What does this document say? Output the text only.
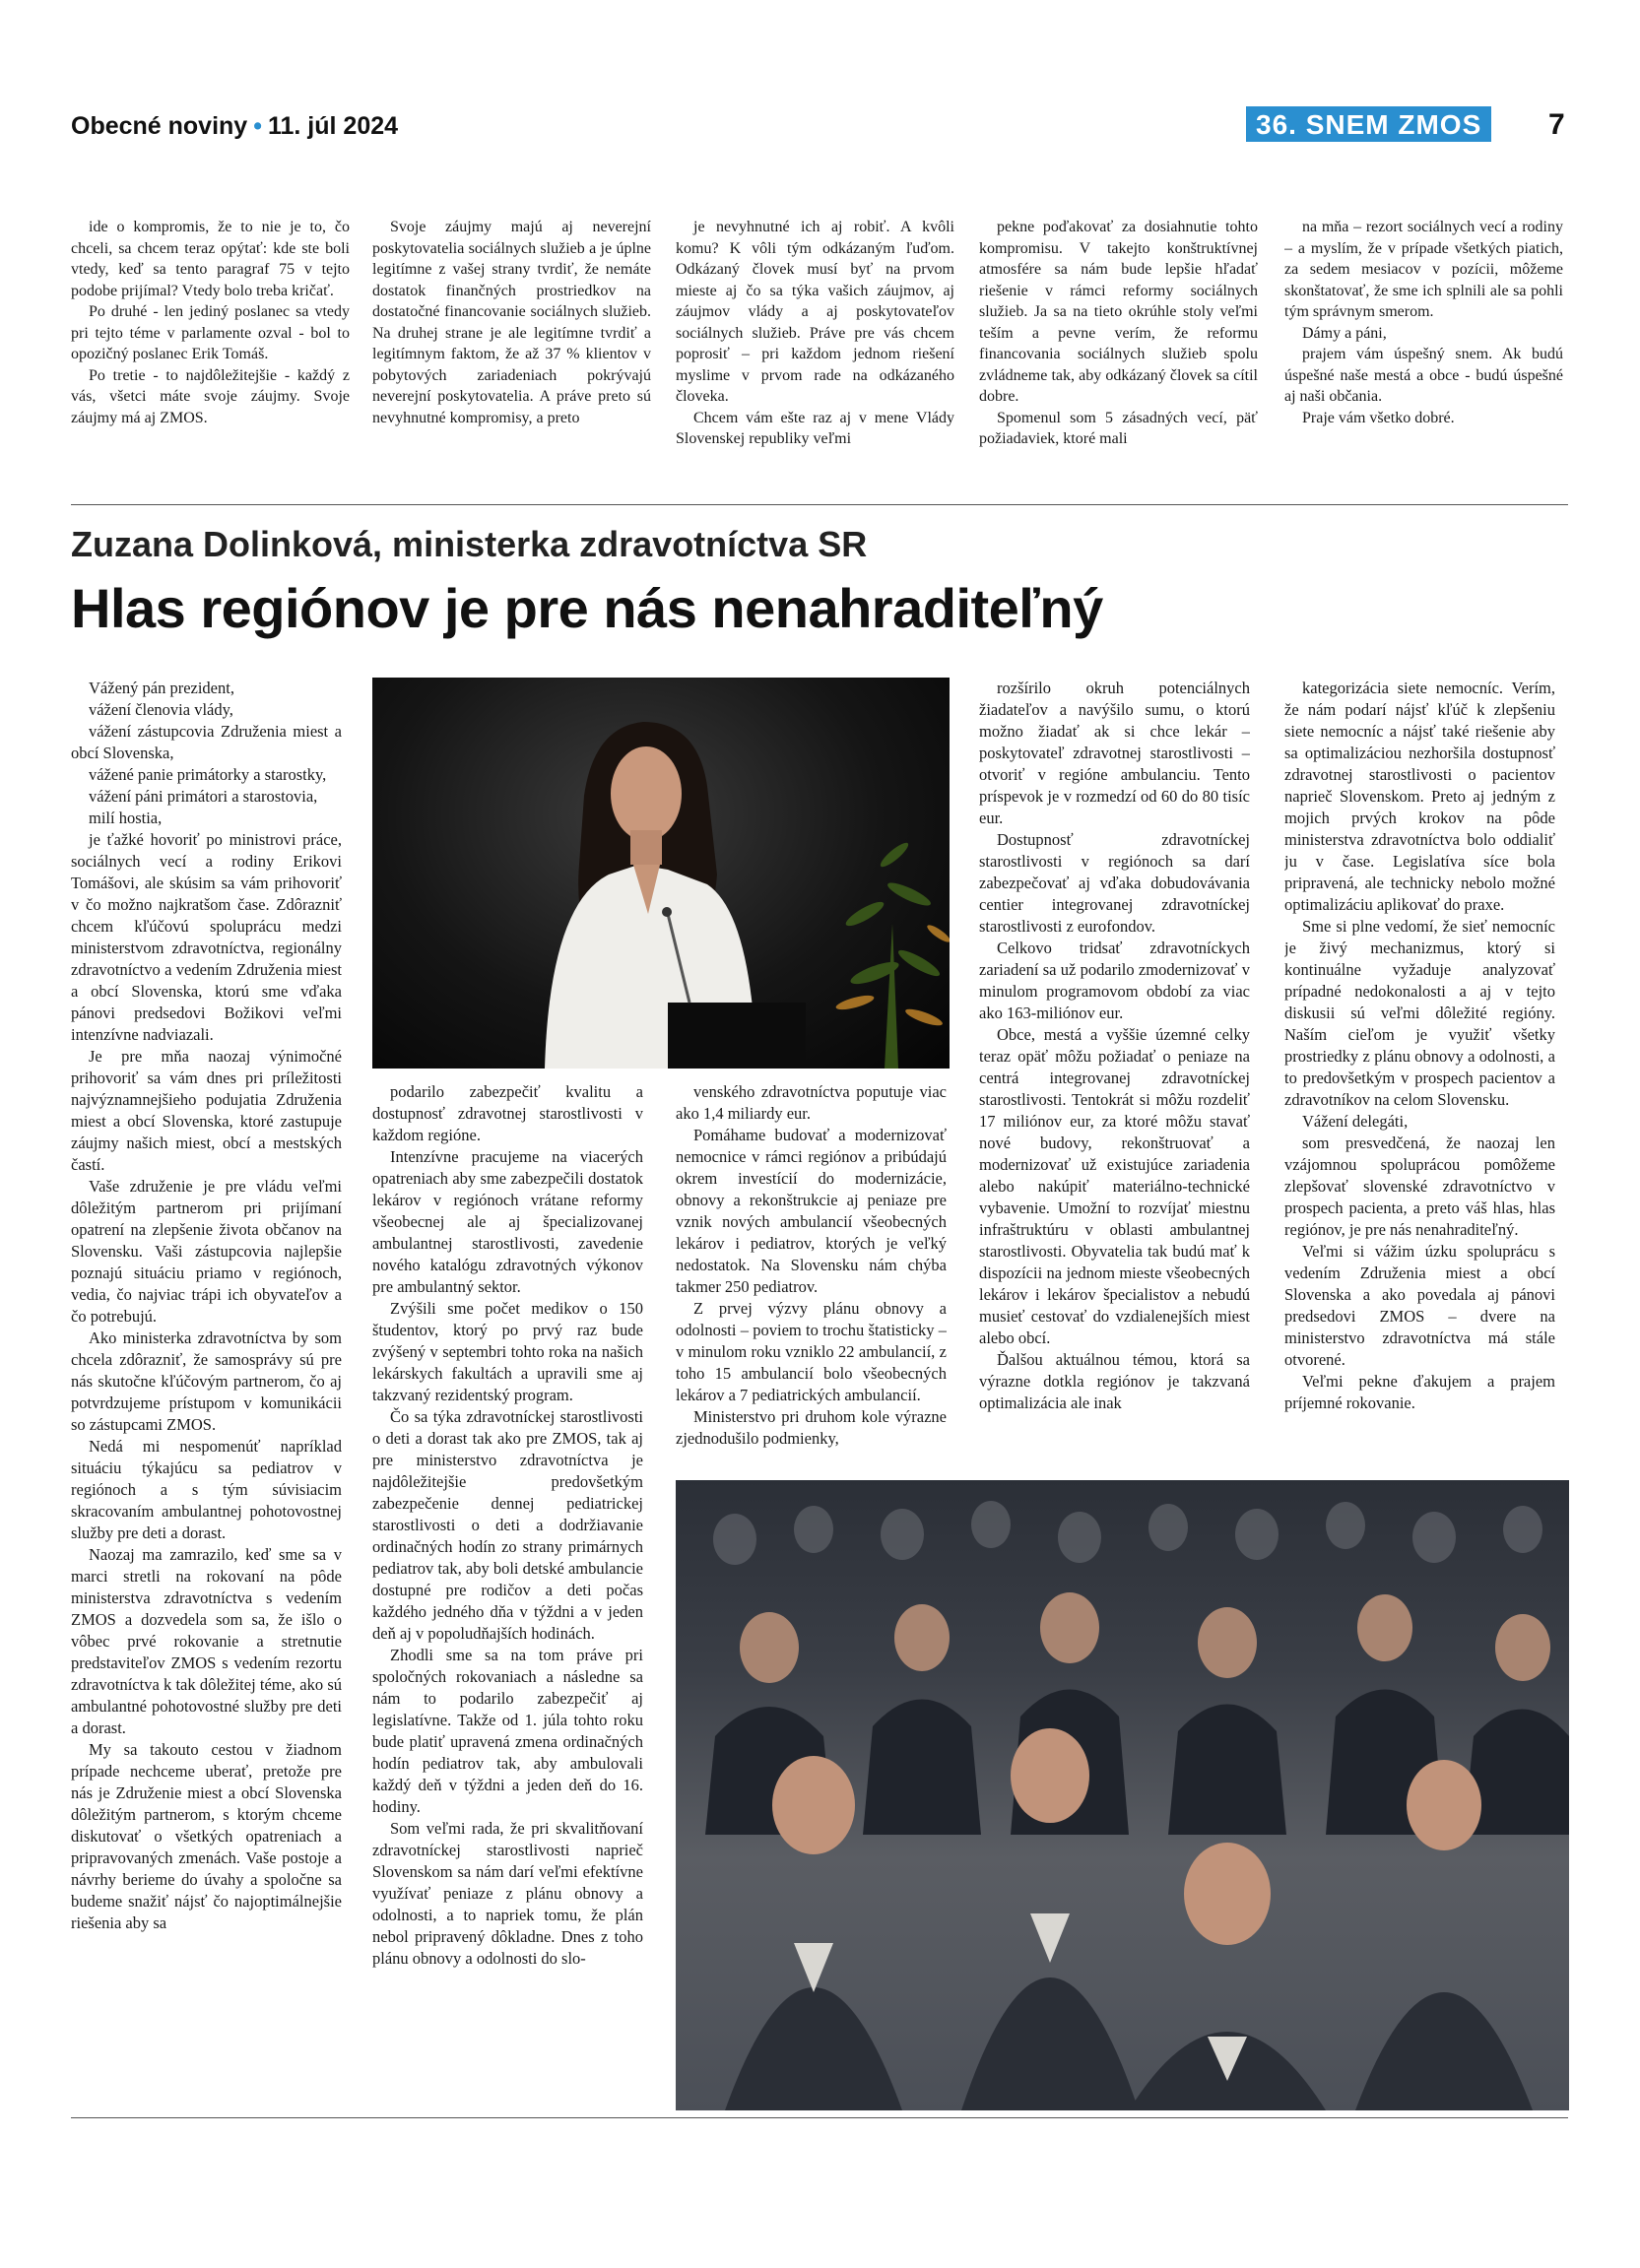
Obecné noviny • 11. júl 2024	36. SNEM ZMOS	7

ide o kompromis, že to nie je to, čo chceli, sa chcem teraz opýtať: kde ste boli vtedy, keď sa tento paragraf 75 v tejto podobe prijímal? Vtedy bolo treba kričať.

Po druhé - len jediný poslanec sa vtedy pri tejto téme v parlamente ozval - bol to opozičný poslanec Erik Tomáš.

Po tretie - to najdôležitejšie - každý z vás, všetci máte svoje záujmy. Svoje záujmy má aj ZMOS.

Svoje záujmy majú aj neverejní poskytovatelia sociálnych služieb a je úplne legitímne z vašej strany tvrdiť, že nemáte dostatok finančných prostriedkov na dostatočné financovanie sociálnych služieb. Na druhej strane je ale legitímne tvrdiť a legitímnym faktom, že až 37 % klientov v pobytových zariadeniach pokrývajú neverejní poskytovatelia. A práve preto sú nevyhnutné kompromisy, a preto

je nevyhnutné ich aj robiť. A kvôli komu? K vôli tým odkázaným ľuďom. Odkázaný človek musí byť na prvom mieste aj čo sa týka vašich záujmov, aj záujmov vlády a aj poskytovateľov sociálnych služieb. Práve pre vás chcem poprosiť – pri každom jednom riešení myslime v prvom rade na odkázaného človeka.

Chcem vám ešte raz aj v mene Vlády Slovenskej republiky veľmi

pekne poďakovať za dosiahnutie tohto kompromisu. V takejto konštruktívnej atmosfére sa nám bude lepšie hľadať riešenie v rámci reformy sociálnych služieb. Ja sa na tieto okrúhle stoly veľmi teším a pevne verím, že reformu financovania sociálnych služieb spolu zvládneme tak, aby odkázaný človek sa cítil dobre.

Spomenul som 5 zásadných vecí, päť požiadaviek, ktoré mali

na mňa – rezort sociálnych vecí a rodiny – a myslím, že v prípade všetkých piatich, za sedem mesiacov v pozícii, môžeme skonštatovať, že sme ich splnili ale sa pohli tým správnym smerom.

Dámy a páni,

prajem vám úspešný snem. Ak budú úspešné naše mestá a obce - budú úspešné aj naši občania.

Praje vám všetko dobré.

Zuzana Dolinková, ministerka zdravotníctva SR
Hlas regiónov je pre nás nenahraditeľný

Vážený pán prezident,

vážení členovia vlády,

vážení zástupcovia Združenia miest a obcí Slovenska,

vážené panie primátorky a starostky,

vážení páni primátori a starostovia,

milí hostia,

je ťažké hovoriť po ministrovi práce, sociálnych vecí a rodiny Erikovi Tomášovi, ale skúsim sa vám prihovoriť v čo možno najkratšom čase. Zdôrazniť chcem kľúčovú spoluprácu medzi ministerstvom zdravotníctva, regionálny zdravotníctvo a vedením Združenia miest a obcí Slovenska, ktorú sme vďaka pánovi predsedovi Božikovi veľmi intenzívne nadviazali.

Je pre mňa naozaj výnimočné prihovoriť sa vám dnes pri príležitosti najvýznamnejšieho podujatia Združenia miest a obcí Slovenska, ktoré zastupuje záujmy našich miest, obcí a mestských častí.

Vaše združenie je pre vládu veľmi dôležitým partnerom pri prijímaní opatrení na zlepšenie života občanov na Slovensku. Vaši zástupcovia najlepšie poznajú situáciu priamo v regiónoch, vedia, čo najviac trápi ich obyvateľov a čo potrebujú.

Ako ministerka zdravotníctva by som chcela zdôrazniť, že samosprávy sú pre nás skutočne kľúčovým partnerom, čo aj potvrdzujeme prístupom v komunikácii so zástupcami ZMOS.

Nedá mi nespomenúť napríklad situáciu týkajúcu sa pediatrov v regiónoch a s tým súvisiacim skracovaním ambulantnej pohotovostnej služby pre deti a dorast.

Naozaj ma zamrazilo, keď sme sa v marci stretli na rokovaní na pôde ministerstva zdravotníctva s vedením ZMOS a dozvedela som sa, že išlo o vôbec prvé rokovanie a stretnutie predstaviteľov ZMOS s vedením rezortu zdravotníctva k tak dôležitej téme, ako sú ambulantné pohotovostné služby pre deti a dorast.

My sa takouto cestou v žiadnom prípade nechceme uberať, pretože pre nás je Združenie miest a obcí Slovenska dôležitým partnerom, s ktorým chceme diskutovať o všetkých opatreniach a pripravovaných zmenách. Vaše postoje a návrhy berieme do úvahy a spoločne sa budeme snažiť nájsť čo najoptimálnejšie riešenia aby sa

podarilo zabezpečiť kvalitu a dostupnosť zdravotnej starostlivosti v každom regióne.

Intenzívne pracujeme na viacerých opatreniach aby sme zabezpečili dostatok lekárov v regiónoch vrátane reformy všeobecnej ale aj špecializovanej ambulantnej starostlivosti, zavedenie nového katalógu zdravotných výkonov pre ambulantný sektor.

Zvýšili sme počet medikov o 150 študentov, ktorý po prvý raz bude zvýšený v septembri tohto roka na našich lekárskych fakultách a upravili sme aj takzvaný rezidentský program.

Čo sa týka zdravotníckej starostlivosti o deti a dorast tak ako pre ZMOS, tak aj pre ministerstvo zdravotníctva je najdôležitejšie predovšetkým zabezpečenie dennej pediatrickej starostlivosti o deti a dodržiavanie ordinačných hodín zo strany primárnych pediatrov tak, aby boli detské ambulancie dostupné pre rodičov a deti počas každého jedného dňa v týždni a v jeden deň aj v popoludňajších hodinách.

Zhodli sme sa na tom práve pri spoločných rokovaniach a následne sa nám to podarilo zabezpečiť aj legislatívne. Takže od 1. júla tohto roku bude platiť upravená zmena ordinačných hodín pediatrov tak, aby ambulovali každý deň v týždni a jeden deň do 16. hodiny.

Som veľmi rada, že pri skvalitňovaní zdravotníckej starostlivosti naprieč Slovenskom sa nám darí veľmi efektívne využívať peniaze z plánu obnovy a odolnosti, a to napriek tomu, že plán nebol pripravený dôkladne. Dnes z toho plánu obnovy a odolnosti do slo-

venského zdravotníctva poputuje viac ako 1,4 miliardy eur.

Pomáhame budovať a modernizovať nemocnice v rámci regiónov a pribúdajú okrem investícií do modernizácie, obnovy a rekonštrukcie aj peniaze pre vznik nových ambulancií všeobecných lekárov i pediatrov, ktorých je veľký nedostatok. Na Slovensku nám chýba takmer 250 pediatrov.

Z prvej výzvy plánu obnovy a odolnosti – poviem to trochu štatisticky – v minulom roku vzniklo 22 ambulancií, z toho 15 ambulancií bolo všeobecných lekárov a 7 pediatrických ambulancií.

Ministerstvo pri druhom kole výrazne zjednodušilo podmienky,

rozšírilo okruh potenciálnych žiadateľov a navýšilo sumu, o ktorú možno žiadať ak si chce lekár – poskytovateľ zdravotnej starostlivosti – otvoriť v regióne ambulanciu. Tento príspevok je v rozmedzí od 60 do 80 tisíc eur.

Dostupnosť zdravotníckej starostlivosti v regiónoch sa darí zabezpečovať aj vďaka dobudovávania centier integrovanej zdravotníckej starostlivosti z eurofondov.

Celkovo tridsať zdravotníckych zariadení sa už podarilo zmodernizovať v minulom programovom období za viac ako 163-miliónov eur.

Obce, mestá a vyššie územné celky teraz opäť môžu požiadať o peniaze na centrá integrovanej zdravotníckej starostlivosti. Tentokrát si môžu rozdeliť 17 miliónov eur, za ktoré môžu stavať nové budovy, rekonštruovať a modernizovať už existujúce zariadenia alebo nakúpiť materiálno-technické vybavenie. Umožní to rozvíjať miestnu infraštruktúru v oblasti ambulantnej starostlivosti. Obyvatelia tak budú mať k dispozícii na jednom mieste všeobecných lekárov i lekárov špecialistov a nebudú musieť cestovať do vzdialenejších miest alebo obcí.

Ďalšou aktuálnou témou, ktorá sa výrazne dotkla regiónov je takzvaná optimalizácia ale inak

kategorizácia siete nemocníc. Verím, že nám podarí nájsť kľúč k zlepšeniu siete nemocníc a nájsť také riešenie aby sa optimalizáciou nezhoršila dostupnosť zdravotnej starostlivosti o pacientov naprieč Slovenskom. Preto aj jedným z mojich prvých krokov na pôde ministerstva zdravotníctva bolo oddialiť ju v čase. Legislatíva síce bola pripravená, ale technicky nebolo možné optimalizáciu aplikovať do praxe.

Sme si plne vedomí, že sieť nemocníc je živý mechanizmus, ktorý si kontinuálne vyžaduje analyzovať prípadné nedokonalosti a aj v tejto diskusii sú veľmi dôležité regióny. Naším cieľom je využiť všetky prostriedky z plánu obnovy a odolnosti, a to predovšetkým v prospech pacientov a zdravotníkov na celom Slovensku.

Vážení delegáti,

som presvedčená, že naozaj len vzájomnou spoluprácou pomôžeme zlepšovať slovenské zdravotníctvo v prospech pacienta, a preto váš hlas, hlas regiónov, je pre nás nenahraditeľný.

Veľmi si vážim úzku spoluprácu s vedením Združenia miest a obcí Slovenska a ako povedala aj pánovi predsedovi ZMOS – dvere na ministerstvo zdravotníctva má stále otvorené.

Veľmi pekne ďakujem a prajem príjemné rokovanie.
